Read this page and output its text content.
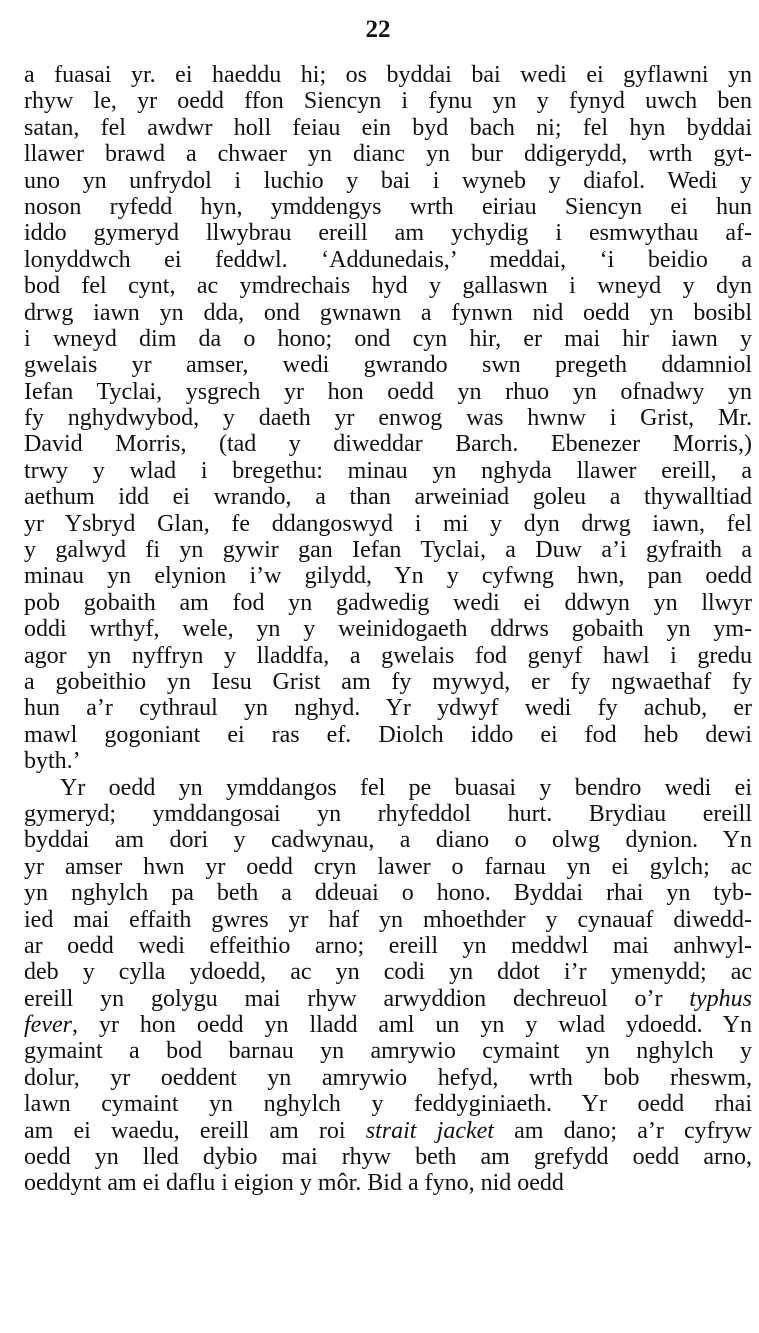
22
a fuasai yr. ei haeddu hi; os byddai bai wedi ei gyflawni yn
rhyw le, yr oedd ffon Siencyn i fynu yn y fynyd uwch ben
satan, fel awdwr holl feiau ein byd bach ni; fel hyn byddai
llawer brawd a chwaer yn dianc yn bur ddigerydd, wrth gyt-
uno yn unfrydol i luchio y bai i wyneb y diafol. Wedi y
noson ryfedd hyn, ymddengys wrth eiriau Siencyn ei hun
iddo gymeryd llwybrau ereill am ychydig i esmwythau af-
lonyddwch ei feddwl. ‘Addunedais,’ meddai, ‘i beidio a
bod fel cynt, ac ymdrechais hyd y gallaswn i wneyd y dyn
drwg iawn yn dda, ond gwnawn a fynwn nid oedd yn bosibl
i wneyd dim da o hono; ond cyn hir, er mai hir iawn y
gwelais yr amser, wedi gwrando swn pregeth ddamniol
Iefan Tyclai, ysgrech yr hon oedd yn rhuo yn ofnadwy yn
fy nghydwybod, y daeth yr enwog was hwnw i Grist, Mr.
David Morris, (tad y diweddar Barch. Ebenezer Morris,)
trwy y wlad i bregethu: minau yn nghyda llawer ereill, a
aethum idd ei wrando, a than arweiniad goleu a thywalltiad
yr Ysbryd Glan, fe ddangoswyd i mi y dyn drwg iawn, fel
y galwyd fi yn gywir gan Iefan Tyclai, a Duw a’i gyfraith a
minau yn elynion i’w gilydd, Yn y cyfwng hwn, pan oedd
pob gobaith am fod yn gadwedig wedi ei ddwyn yn llwyr
oddi wrthyf, wele, yn y weinidogaeth ddrws gobaith yn ym-
agor yn nyffryn y lladdfa, a gwelais fod genyf hawl i gredu
a gobeithio yn Iesu Grist am fy mywyd, er fy ngwaethaf fy
hun a’r cythraul yn nghyd. Yr ydwyf wedi fy achub, er
mawl gogoniant ei ras ef. Diolch iddo ei fod heb dewi
byth.’
Yr oedd yn ymddangos fel pe buasai y bendro wedi ei
gymeryd; ymddangosai yn rhyfeddol hurt. Brydiau ereill
byddai am dori y cadwynau, a diano o olwg dynion. Yn
yr amser hwn yr oedd cryn lawer o farnau yn ei gylch; ac
yn nghylch pa beth a ddeuai o hono. Byddai rhai yn tyb-
ied mai effaith gwres yr haf yn mhoethder y cynauaf diwedd-
ar oedd wedi effeithio arno; ereill yn meddwl mai anhwyl-
deb y cylla ydoedd, ac yn codi yn ddot i’r ymenydd; ac
ereill yn golygu mai rhyw arwyddion dechreuol o’r typhus
fever, yr hon oedd yn lladd aml un yn y wlad ydoedd. Yn
gymaint a bod barnau yn amrywio cymaint yn nghylch y
dolur, yr oeddent yn amrywio hefyd, wrth bob rheswm,
lawn cymaint yn nghylch y feddyginiaeth. Yr oedd rhai
am ei waedu, ereill am roi strait jacket am dano; a’r cyfryw
oedd yn lled dybio mai rhyw beth am grefydd oedd arno,
oeddynt am ei daflu i eigion y môr. Bid a fyno, nid oedd
